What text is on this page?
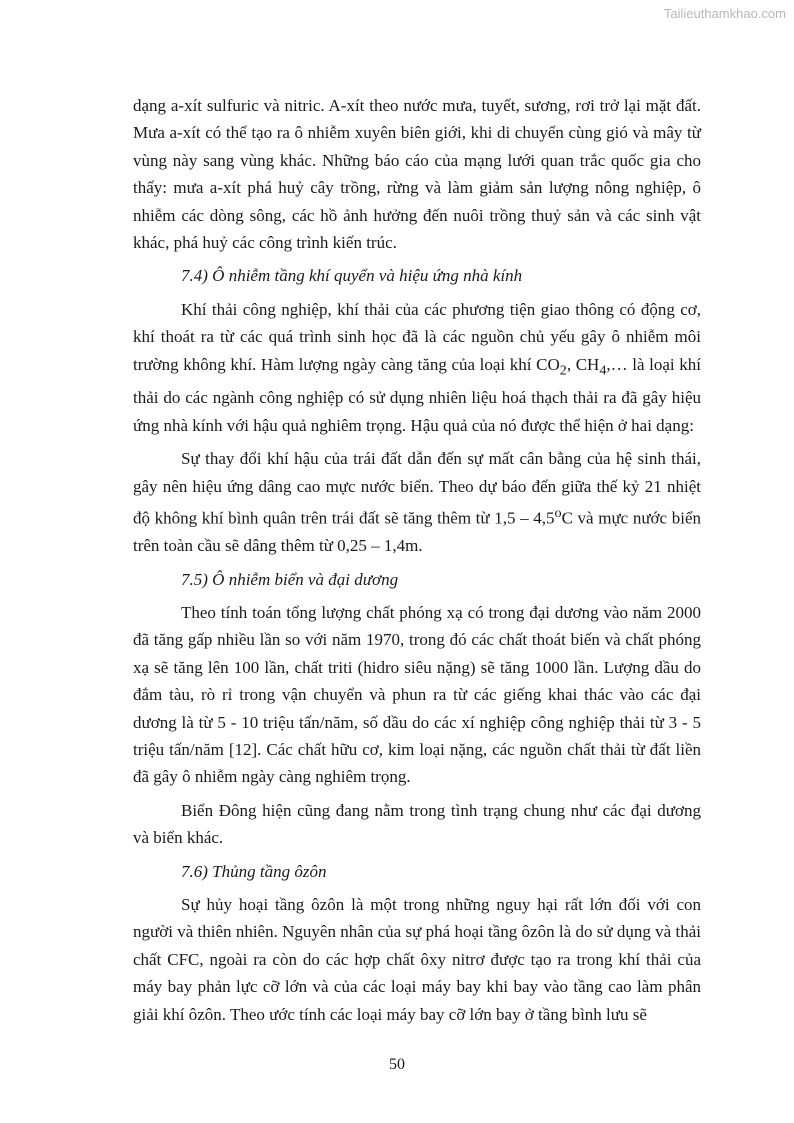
Tailieuthamkhao.com

dạng a-xít sulfuric và nitric. A-xít theo nước mưa, tuyết, sương, rơi trở lại mặt đất. Mưa a-xít có thể tạo ra ô nhiễm xuyên biên giới, khi di chuyển cùng gió và mây từ vùng này sang vùng khác. Những báo cáo của mạng lưới quan trắc quốc gia cho thấy: mưa a-xít phá huỷ cây trồng, rừng và làm giảm sản lượng nông nghiệp, ô nhiễm các dòng sông, các hồ ảnh hưởng đến nuôi trồng thuỷ sản và các sinh vật khác, phá huỷ các công trình kiến trúc.

7.4) Ô nhiễm tầng khí quyển và hiệu ứng nhà kính

Khí thải công nghiệp, khí thải của các phương tiện giao thông có động cơ, khí thoát ra từ các quá trình sinh học đã là các nguồn chủ yếu gây ô nhiễm môi trường không khí. Hàm lượng ngày càng tăng của loại khí $CO_2$, $CH_4,\dots$ là loại khí thải do các ngành công nghiệp có sử dụng nhiên liệu hoá thạch thải ra đã gây hiệu ứng nhà kính với hậu quả nghiêm trọng. Hậu quả của nó được thể hiện ở hai dạng:

Sự thay đổi khí hậu của trái đất dẫn đến sự mất cân bằng của hệ sinh thái, gây nên hiệu ứng dâng cao mực nước biển. Theo dự báo đến giữa thế kỷ 21 nhiệt độ không khí bình quân trên trái đất sẽ tăng thêm từ 1,5 – 4,5$^o$C và mực nước biển trên toàn cầu sẽ dâng thêm từ 0,25 – 1,4m.

7.5) Ô nhiễm biển và đại dương

Theo tính toán tổng lượng chất phóng xạ có trong đại dương vào năm 2000 đã tăng gấp nhiều lần so với năm 1970, trong đó các chất thoát biến và chất phóng xạ sẽ tăng lên 100 lần, chất triti (hidro siêu nặng) sẽ tăng 1000 lần. Lượng dầu do đắm tàu, rò rỉ trong vận chuyển và phun ra từ các giếng khai thác vào các đại dương là từ 5 - 10 triệu tấn/năm, số dầu do các xí nghiệp công nghiệp thải từ 3 - 5 triệu tấn/năm [12]. Các chất hữu cơ, kim loại nặng, các nguồn chất thải từ đất liền đã gây ô nhiễm ngày càng nghiêm trọng.

Biển Đông hiện cũng đang nằm trong tình trạng chung như các đại dương và biển khác.

7.6) Thủng tầng ôzôn

Sự hủy hoại tầng ôzôn là một trong những nguy hại rất lớn đối với con người và thiên nhiên. Nguyên nhân của sự phá hoại tầng ôzôn là do sử dụng và thải chất CFC, ngoài ra còn do các hợp chất ôxy nitrơ được tạo ra trong khí thải của máy bay phản lực cỡ lớn và của các loại máy bay khi bay vào tầng cao làm phân giải khí ôzôn. Theo ước tính các loại máy bay cỡ lớn bay ở tầng bình lưu sẽ

50
